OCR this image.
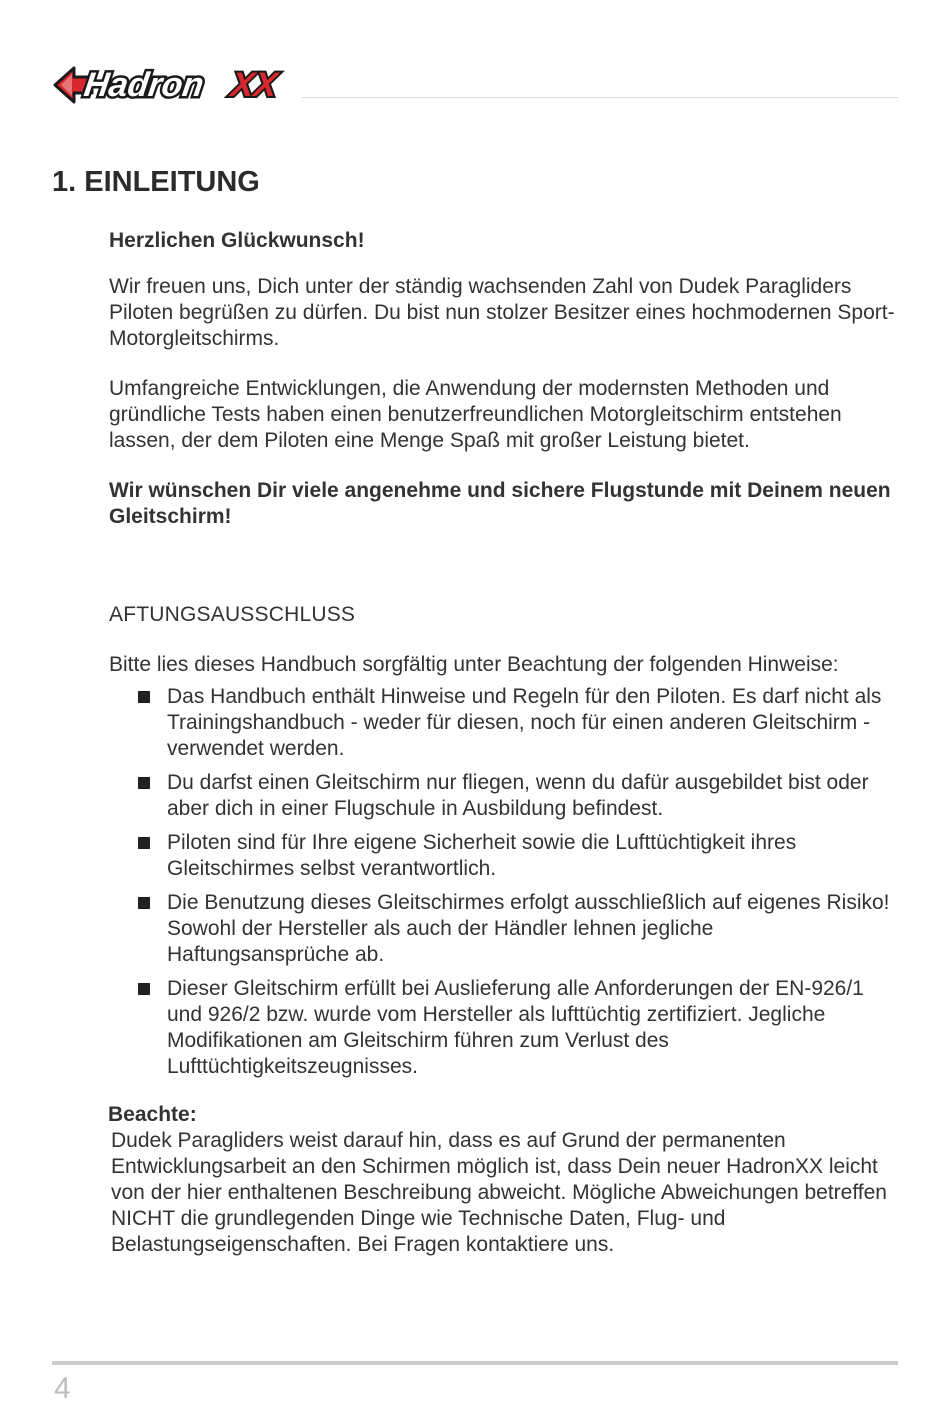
Hadron XX
1. EINLEITUNG

Herzlichen Glückwunsch!

Wir freuen uns, Dich unter der ständig wachsenden Zahl von Dudek Paragliders Piloten begrüßen zu dürfen. Du bist nun stolzer Besitzer eines hochmodernen Sport-Motorgleitschirms.

Umfangreiche Entwicklungen, die Anwendung der modernsten Methoden und gründliche Tests haben einen benutzerfreundlichen Motorgleitschirm entstehen lassen, der dem Piloten eine Menge Spaß mit großer Leistung bietet.

Wir wünschen Dir viele angenehme und sichere Flugstunde mit Deinem neuen Gleitschirm!

AFTUNGSAUSSCHLUSS

Bitte lies dieses Handbuch sorgfältig unter Beachtung der folgenden Hinweise:

Das Handbuch enthält Hinweise und Regeln für den Piloten. Es darf nicht als Trainingshandbuch - weder für diesen, noch für einen anderen Gleitschirm - verwendet werden.
Du darfst einen Gleitschirm nur fliegen, wenn du dafür ausgebildet bist oder aber dich in einer Flugschule in Ausbildung befindest.
Piloten sind für Ihre eigene Sicherheit sowie die Lufttüchtigkeit ihres Gleitschirmes selbst verantwortlich.
Die Benutzung dieses Gleitschirmes erfolgt ausschließlich auf eigenes Risiko! Sowohl der Hersteller als auch der Händler lehnen jegliche Haftungsansprüche ab.
Dieser Gleitschirm erfüllt bei Auslieferung alle Anforderungen der EN-926/1 und 926/2 bzw. wurde vom Hersteller als lufttüchtig zertifiziert. Jegliche Modifikationen am Gleitschirm führen zum Verlust des Lufttüchtigkeitszeugnisses.

Beachte:

Dudek Paragliders weist darauf hin, dass es auf Grund der permanenten Entwicklungsarbeit an den Schirmen möglich ist, dass Dein neuer HadronXX leicht von der hier enthaltenen Beschreibung abweicht. Mögliche Abweichungen betreffen NICHT die grundlegenden Dinge wie Technische Daten, Flug- und Belastungseigenschaften. Bei Fragen kontaktiere uns.

4
